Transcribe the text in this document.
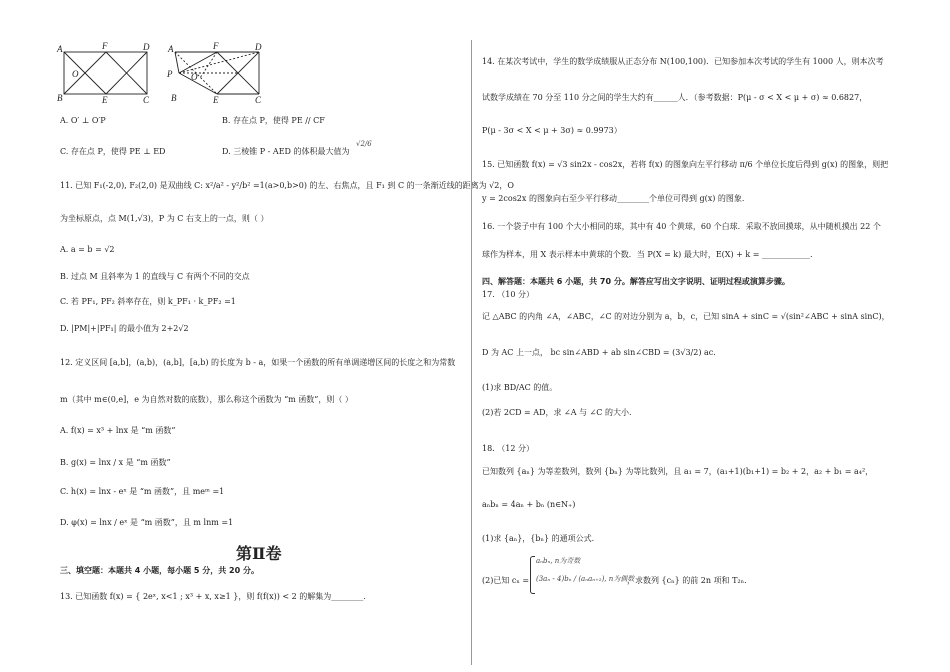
A	F	D
O
B	E	C
A	F	D
P O
B	E	C
A. O′ ⊥ O′P	B. 存在点 P，使得 PE // CF
C. 存在点 P，使得 PE ⊥ ED	D. 三棱锥 P - AED 的体积最大值为
√2/6
11. 已知 F₁(-2,0), F₂(2,0) 是双曲线 C: x²/a² - y²/b² =1(a>0,b>0) 的左、右焦点，且 F₁ 到 C 的一条渐近线的距离为 √2，O
为坐标原点，点 M(1,√3)，P 为 C 右支上的一点，则（ ）
A. a = b = √2
B. 过点 M 且斜率为 1 的直线与 C 有两个不同的交点
C. 若 PF₁, PF₂ 斜率存在，则 k_PF₁ · k_PF₂ =1
D. |PM|+|PF₁| 的最小值为 2+2√2
12. 定义区间 [a,b]，(a,b)，(a,b]，[a,b) 的长度为 b - a，如果一个函数的所有单调递增区间的长度之和为常数
m（其中 m∈(0,e]，e 为自然对数的底数），那么称这个函数为 “m 函数”，则（ ）
A. f(x) = x³ + lnx 是 “m 函数”
B. g(x) = lnx / x 是 “m 函数”
C. h(x) = lnx - eˣ 是 “m 函数”，且 meᵐ =1
D. φ(x) = lnx / eˣ 是 “m 函数”，且 m lnm =1
三、填空题：本题共 4 小题，每小题 5 分，共 20 分。
13. 已知函数 f(x) = { 2eˣ, x<1 ; x³ + x, x≥1 }，则 f(f(x)) < 2 的解集为________.
第Ⅱ卷
14. 在某次考试中，学生的数学成绩服从正态分布 N(100,100)．已知参加本次考试的学生有 1000 人，则本次考
试数学成绩在 70 分至 110 分之间的学生大约有______人．（参考数据：P(μ - σ < X < μ + σ) ≈ 0.6827，
P(μ - 3σ < X < μ + 3σ) ≈ 0.9973）
15. 已知函数 f(x) = √3 sin2x - cos2x，若将 f(x) 的图象向左平行移动 π/6 个单位长度后得到 g(x) 的图象，则把
y = 2cos2x 的图象向右至少平行移动________个单位可得到 g(x) 的图象.
16. 一个袋子中有 100 个大小相同的球，其中有 40 个黄球，60 个白球．采取不放回摸球，从中随机摸出 22 个
球作为样本，用 X 表示样本中黄球的个数．当 P(X = k) 最大时，E(X) + k = ____________.
四、解答题：本题共 6 小题，共 70 分。解答应写出文字说明、证明过程或演算步骤。
17. （10 分）
记 △ABC 的内角 ∠A，∠ABC，∠C 的对边分别为 a，b，c，已知 sinA + sinC = √(sin²∠ABC + sinA sinC)，
D 为 AC 上一点， bc sin∠ABD + ab sin∠CBD = (3√3/2) ac.
(1)求 BD/AC 的值。
(2)若 2CD = AD，求 ∠A 与 ∠C 的大小.
18. （12 分）
已知数列 {aₙ} 为等差数列，数列 {bₙ} 为等比数列，且 a₁ = 7，(a₁+1)(b₁+1) = b₂ + 2，a₂ + b₁ = a₄²，
aₙbₙ = 4aₙ + bₙ (n∈N₊)
(1)求 {aₙ}，{bₙ} 的通项公式.
(2)已知 cₙ =
aₙbₙ, n为奇数
(3aₙ - 4)bₙ / (aₙaₙ₊₂), n为偶数
，求数列 {cₙ} 的前 2n 项和 T₂ₙ.
